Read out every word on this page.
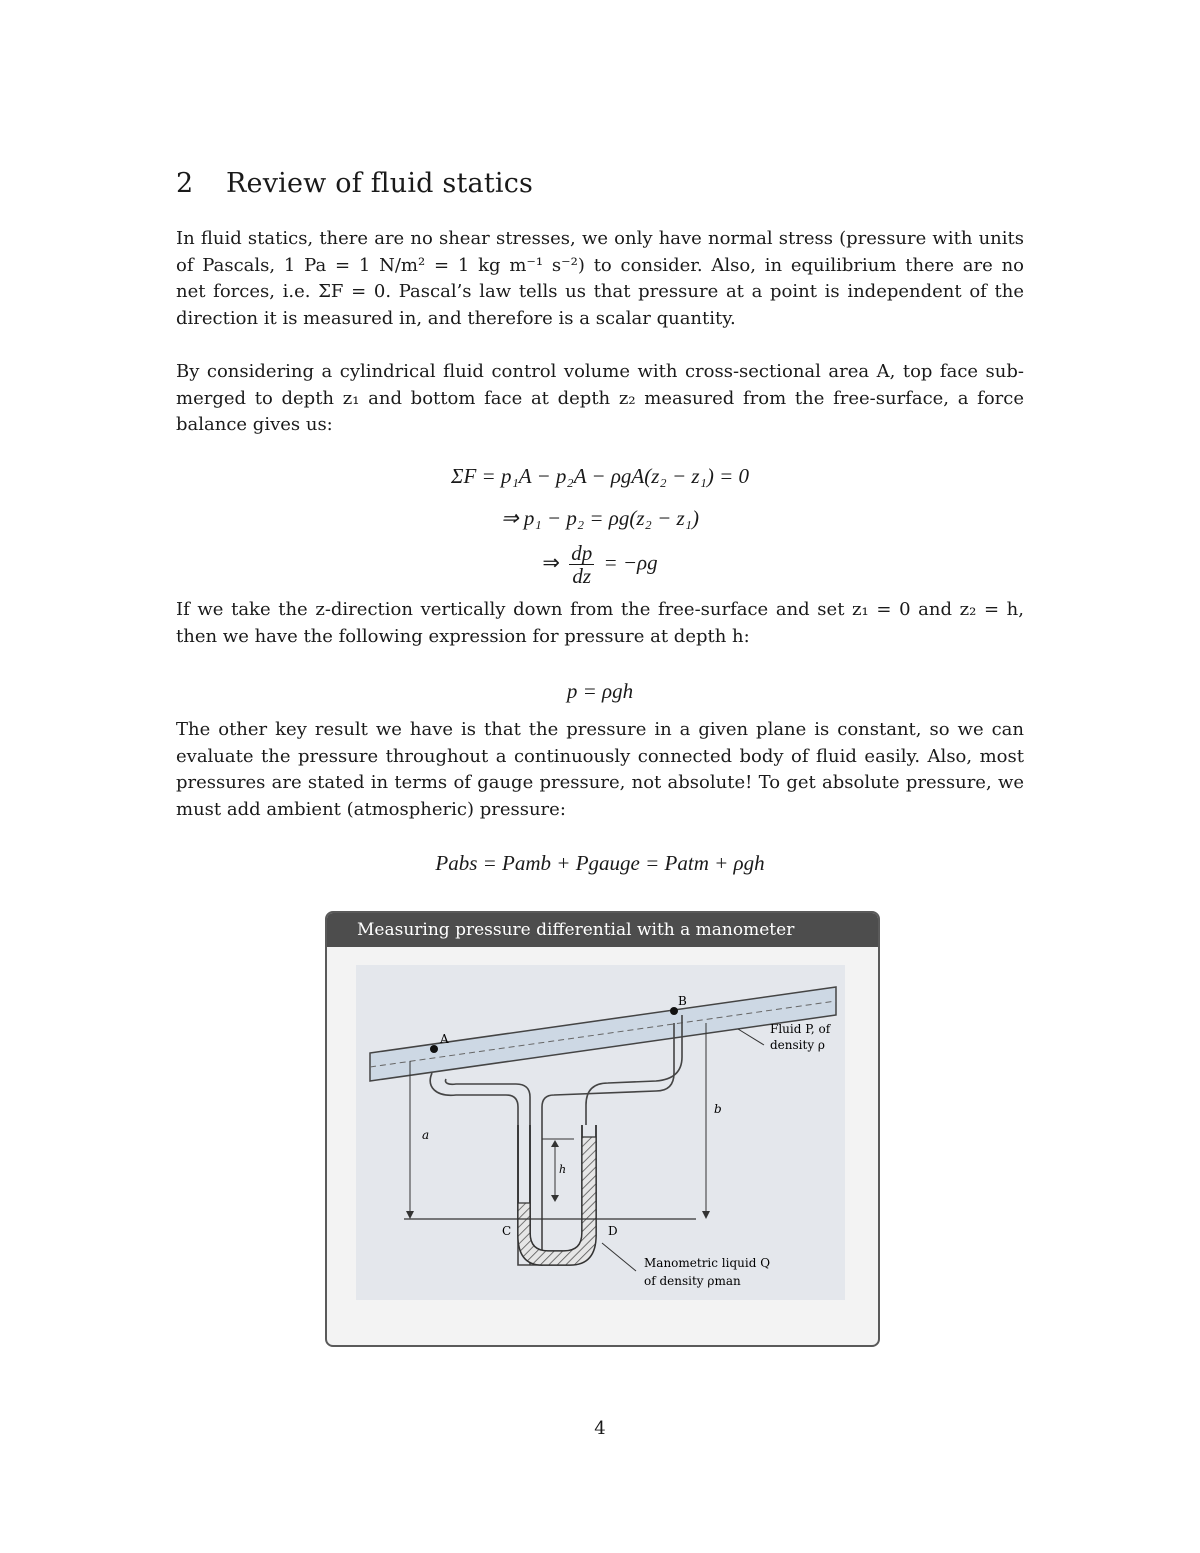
2 Review of fluid statics
In fluid statics, there are no shear stresses, we only have normal stress (pressure with units
of Pascals, 1 Pa = 1 N/m² = 1 kg m⁻¹ s⁻²) to consider. Also, in equilibrium there are no
net forces, i.e. ΣF = 0. Pascal’s law tells us that pressure at a point is independent of the
direction it is measured in, and therefore is a scalar quantity.
By considering a cylindrical fluid control volume with cross-sectional area A, top face sub-
merged to depth z₁ and bottom face at depth z₂ measured from the free-surface, a force
balance gives us:
ΣF = p₁A − p₂A − ρgA(z₂ − z₁) = 0
⇒ p₁ − p₂ = ρg(z₂ − z₁)
⇒ $\frac{dp}{dz} = -\rho g$
If we take the z-direction vertically down from the free-surface and set z₁ = 0 and z₂ = h,
then we have the following expression for pressure at depth h:
p = ρgh
The other key result we have is that the pressure in a given plane is constant, so we can
evaluate the pressure throughout a continuously connected body of fluid easily. Also, most
pressures are stated in terms of gauge pressure, not absolute! To get absolute pressure, we
must add ambient (atmospheric) pressure:
Pabs = Pamb + Pgauge = Patm + ρgh
Measuring pressure differential with a manometer
A
B
C	D
a
b
h
Fluid P, of
density ρ
Manometric liquid Q
of density ρman
4
